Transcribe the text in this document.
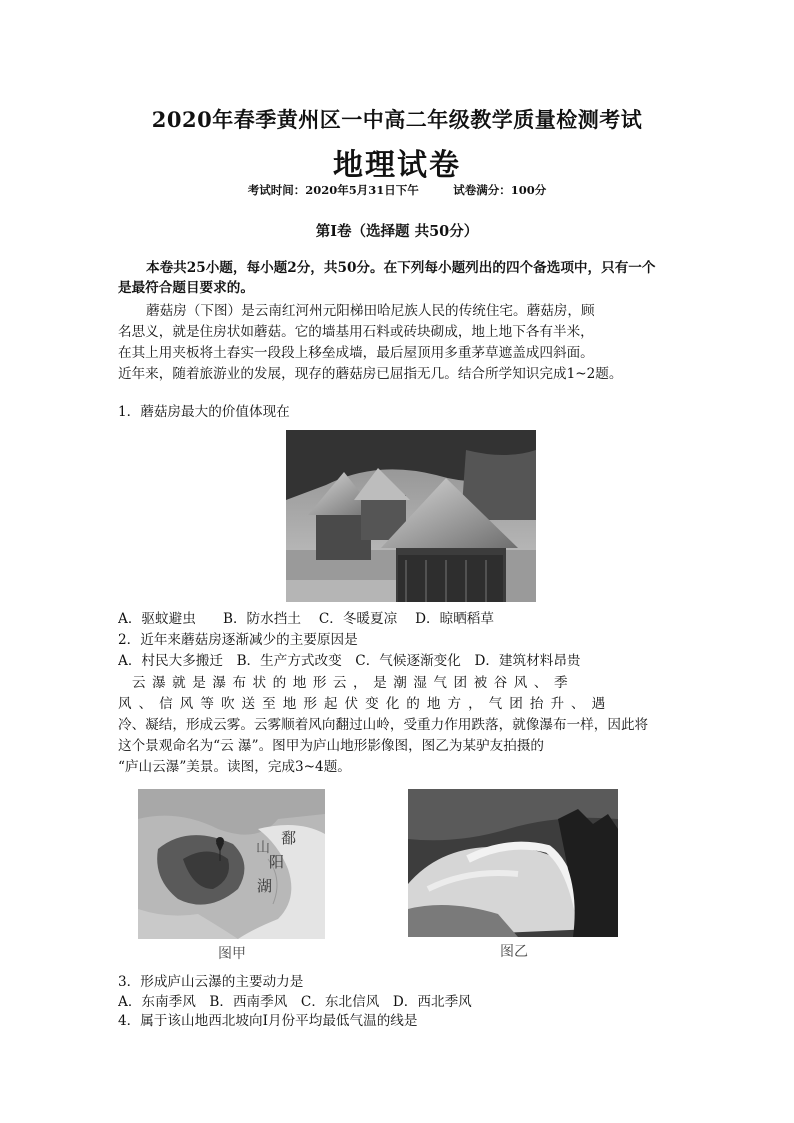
2020年春季黄州区一中高二年级教学质量检测考试
地理试卷
考试时间：2020年5月31日下午　　　	试卷满分：100分
第Ⅰ卷（选择题 共50分）
本卷共25小题，每小题2分，共50分。在下列每小题列出的四个备选项中，只有一个
是最符合题目要求的。
蘑菇房（下图）是云南红河州元阳梯田哈尼族人民的传统住宅。蘑菇房，顾
名思义，就是住房状如蘑菇。它的墙基用石料或砖块砌成，地上地下各有半米，
在其上用夹板将土舂实一段段上移垒成墙，最后屋顶用多重茅草遮盖成四斜面。
近年来，随着旅游业的发展，现存的蘑菇房已屈指无几。结合所学知识完成1~2题。
1．蘑菇房最大的价值体现在
A．驱蚊避虫　　B．防水挡土　 C．冬暖夏凉　 D．晾晒稻草
2．近年来蘑菇房逐渐减少的主要原因是
A．村民大多搬迁　B．生产方式改变　C．气候逐渐变化　D．建筑材料昂贵
云瀑就是瀑布状的地形云，是潮湿气团被谷风、季
风、信风等吹送至地形起伏变化的地方，气团抬升、遇
冷、凝结，形成云雾。云雾顺着风向翻过山岭，受重力作用跌落，就像瀑布一样，因此将
这个景观命名为“云 瀑”。图甲为庐山地形影像图，图乙为某驴友拍摄的
“庐山云瀑”美景。读图，完成3~4题。
山
鄱
阳
湖
图甲	图乙
3．形成庐山云瀑的主要动力是
A．东南季风　B．西南季风　C．东北信风　D．西北季风
4．属于该山地西北坡向Ⅰ月份平均最低气温的线是
